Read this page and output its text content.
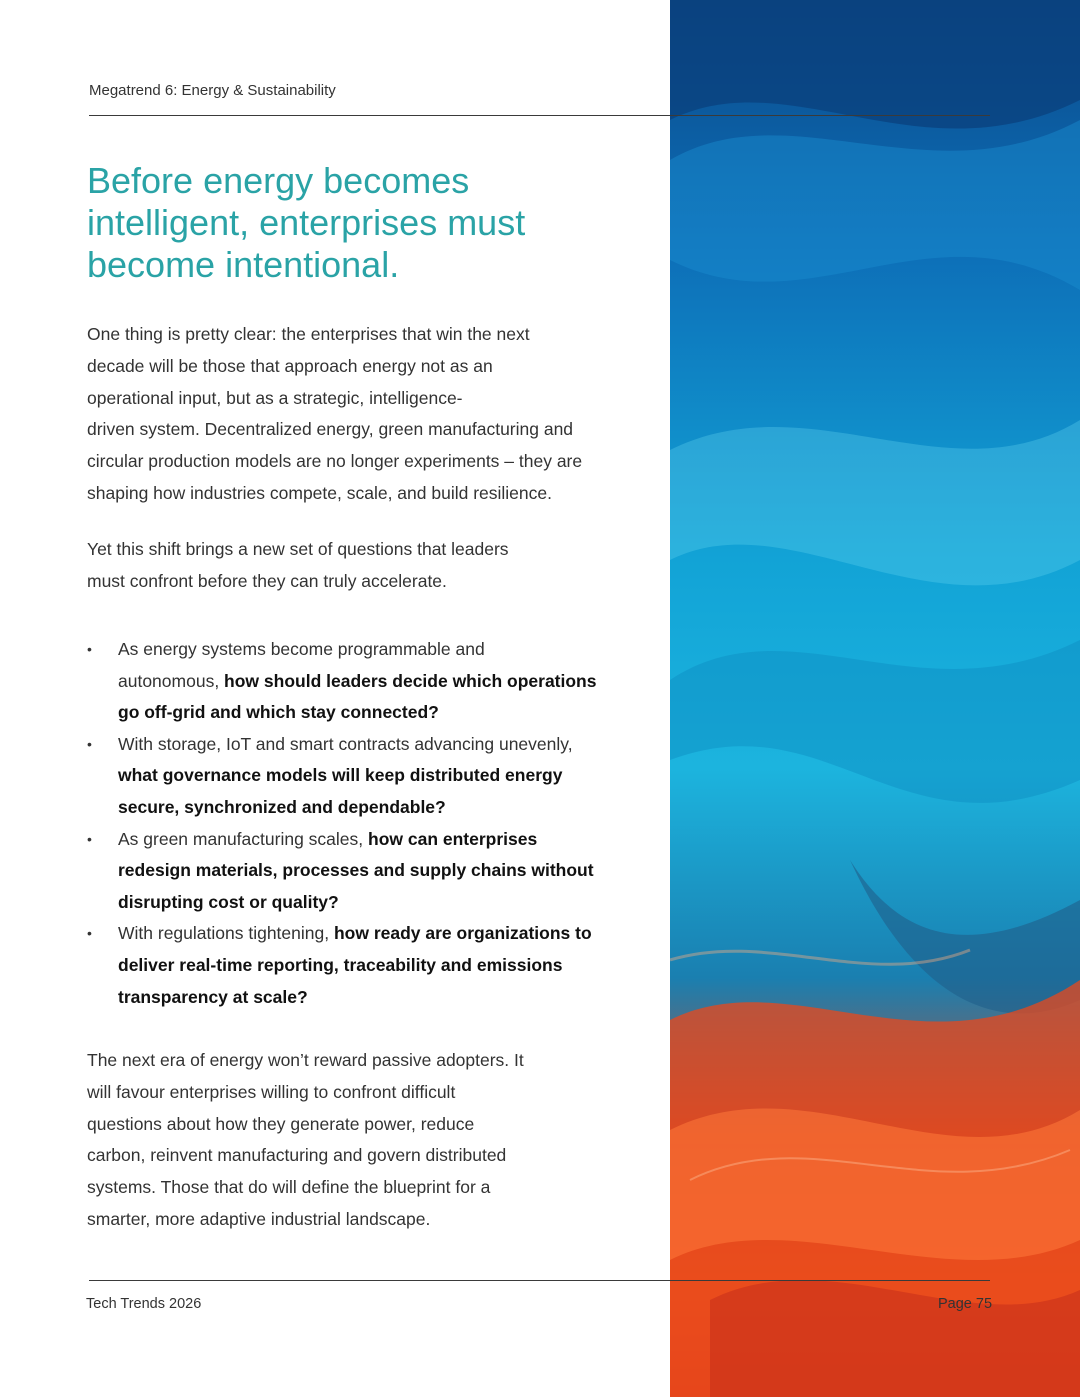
Megatrend 6: Energy & Sustainability
Before energy becomes
intelligent, enterprises must
become intentional.

One thing is pretty clear: the enterprises that win the next
decade will be those that approach energy not as an
operational input, but as a strategic, intelligence-
driven system. Decentralized energy, green manufacturing and
circular production models are no longer experiments – they are
shaping how industries compete, scale, and build resilience.

Yet this shift brings a new set of questions that leaders
must confront before they can truly accelerate.

• As energy systems become programmable and
autonomous, how should leaders decide which operations
go off-grid and which stay connected?
• With storage, IoT and smart contracts advancing unevenly,
what governance models will keep distributed energy
secure, synchronized and dependable?
• As green manufacturing scales, how can enterprises
redesign materials, processes and supply chains without
disrupting cost or quality?
• With regulations tightening, how ready are organizations to
deliver real-time reporting, traceability and emissions
transparency at scale?

The next era of energy won’t reward passive adopters. It
will favour enterprises willing to confront difficult
questions about how they generate power, reduce
carbon, reinvent manufacturing and govern distributed
systems. Those that do will define the blueprint for a
smarter, more adaptive industrial landscape.

Tech Trends 2026	Page 75
